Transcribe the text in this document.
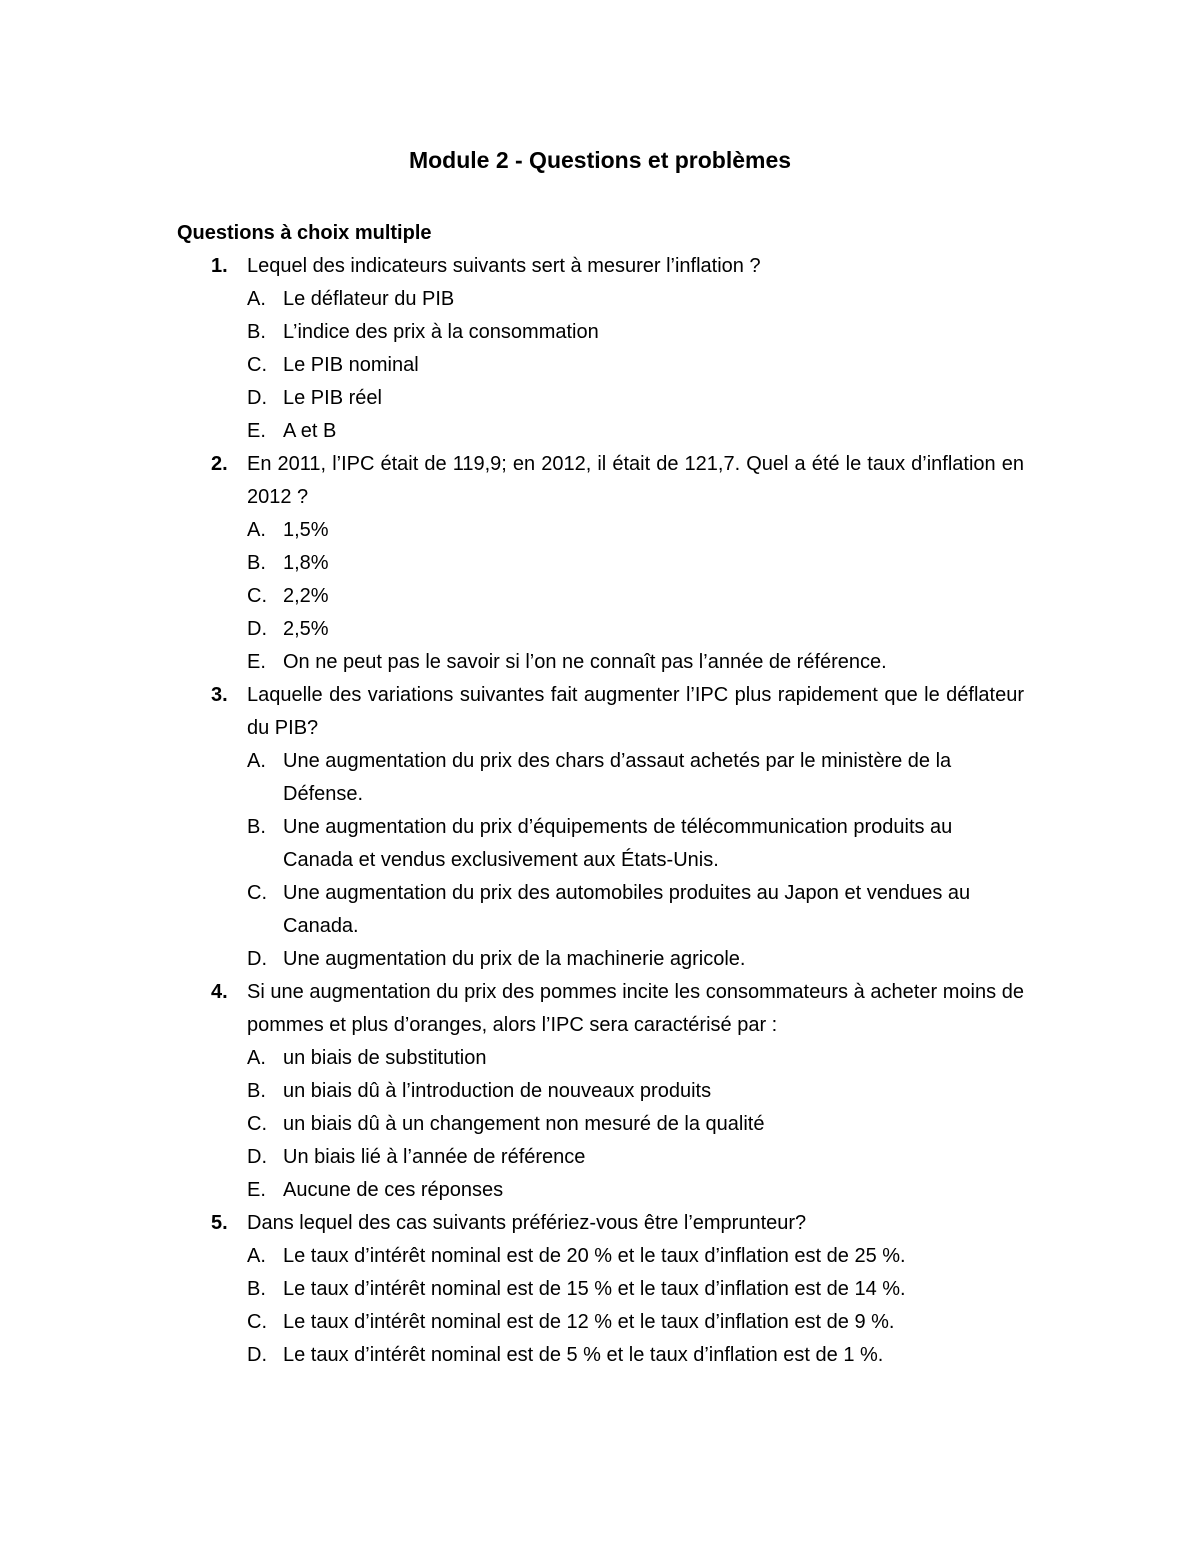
Module 2 - Questions et problèmes
Questions à choix multiple
1. Lequel des indicateurs suivants sert à mesurer l’inflation ?
A. Le déflateur du PIB
B. L’indice des prix à la consommation
C. Le PIB nominal
D. Le PIB réel
E. A et B
2. En 2011, l’IPC était de 119,9; en 2012, il était de 121,7. Quel a été le taux d’inflation en 2012 ?
A. 1,5%
B. 1,8%
C. 2,2%
D. 2,5%
E. On ne peut pas le savoir si l’on ne connaît pas l’année de référence.
3. Laquelle des variations suivantes fait augmenter l’IPC plus rapidement que le déflateur du PIB?
A. Une augmentation du prix des chars d’assaut achetés par le ministère de la Défense.
B. Une augmentation du prix d’équipements de télécommunication produits au Canada et vendus exclusivement aux États-Unis.
C. Une augmentation du prix des automobiles produites au Japon et vendues au Canada.
D. Une augmentation du prix de la machinerie agricole.
4. Si une augmentation du prix des pommes incite les consommateurs à acheter moins de pommes et plus d’oranges, alors l’IPC sera caractérisé par :
A. un biais de substitution
B. un biais dû à l’introduction de nouveaux produits
C. un biais dû à un changement non mesuré de la qualité
D. Un biais lié à l’année de référence
E. Aucune de ces réponses
5. Dans lequel des cas suivants préfériez-vous être l’emprunteur?
A. Le taux d’intérêt nominal est de 20 % et le taux d’inflation est de 25 %.
B. Le taux d’intérêt nominal est de 15 % et le taux d’inflation est de 14 %.
C. Le taux d’intérêt nominal est de 12 % et le taux d’inflation est de 9 %.
D. Le taux d’intérêt nominal est de 5 % et le taux d’inflation est de 1 %.
